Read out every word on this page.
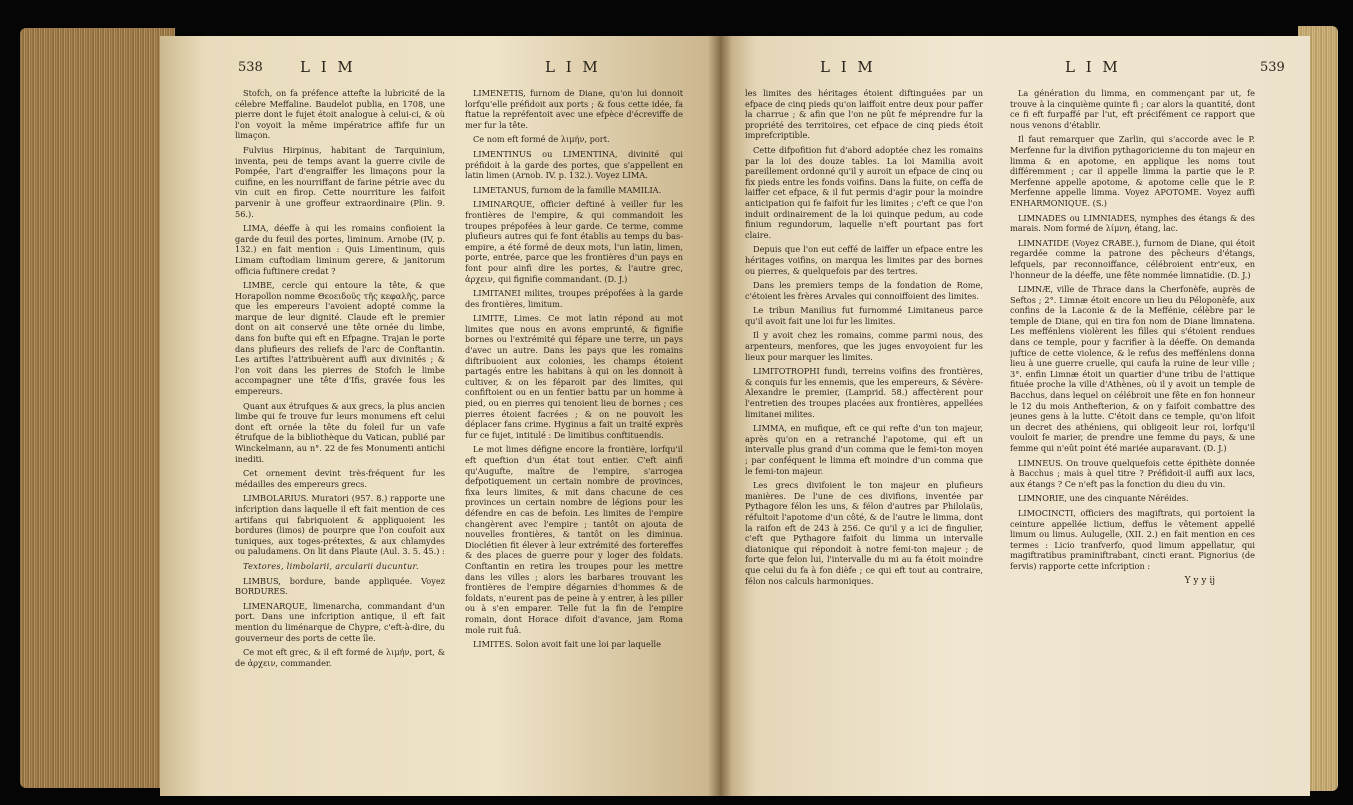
538 L I M	L I M

Stofch, on fa préfence attefte la lubricité de la célebre Meffaline. Baudelot publia, en 1708, une pierre dont le fujet étoit analogue à celui-ci, & où l'on voyoit la même impératrice affife fur un limaçon.

Fulvius Hirpinus, habitant de Tarquinium, inventa, peu de temps avant la guerre civile de Pompée, l'art d'engraiffer les limaçons pour la cuifine, en les nourriffant de farine pétrie avec du vin cuit en firop. Cette nourriture les faifoit parvenir à une groffeur extraordinaire (Plin. 9. 56.).

LIMA, déeffe à qui les romains confioient la garde du feuil des portes, liminum. Arnobe (IV, p. 132.) en fait mention : Quis Limentinum, quis Limam cuftodiam liminum gerere, & janitorum officia fuftinere credat ?

LIMBE, cercle qui entoure la tête, & que Horapollon nomme Θεοειδοῦς τῆς κεφαλῆς, parce que les empereurs l'avoient adopté comme la marque de leur dignité. Claude eft le premier dont on ait conservé une tête ornée du limbe, dans fon bufte qui eft en Efpagne. Trajan le porte dans plufieurs des reliefs de l'arc de Conftantin. Les artiftes l'attribuèrent auffi aux divinités ; & l'on voit dans les pierres de Stofch le limbe accompagner une tête d'Ifis, gravée fous les empereurs.

Quant aux étrufques & aux grecs, la plus ancien limbe qui fe trouve fur leurs monumens eft celui dont eft ornée la tête du foleil fur un vafe étrufque de la bibliothèque du Vatican, publié par Winckelmann, au n°. 22 de fes Monumenti antichi inediti.

Cet ornement devint très-fréquent fur les médailles des empereurs grecs.

LIMBOLARIUS. Muratori (957. 8.) rapporte une infcription dans laquelle il eft fait mention de ces artifans qui fabriquoient & appliquoient les bordures (limos) de pourpre que l'on coufoit aux tuniques, aux toges-prétextes, & aux chlamydes ou paludamens. On lit dans Plaute (Aul. 3. 5. 45.) :

Textores, limbolarii, arcularii ducuntur.

LIMBUS, bordure, bande appliquée. Voyez BORDURES.

LIMENARQUE, limenarcha, commandant d'un port. Dans une infcription antique, il eft fait mention du liménarque de Chypre, c'eft-à-dire, du gouverneur des ports de cette île.

Ce mot eft grec, & il eft formé de λιμήν, port, & de ἀρχειν, commander.

LIMENETIS, furnom de Diane, qu'on lui donnoit lorfqu'elle préfidoit aux ports ; & fous cette idée, fa ftatue la repréfentoit avec une efpèce d'écreviffe de mer fur la tête.

Ce nom eft formé de λιμήν, port.

LIMENTINUS ou LIMENTINA, divinité qui préfidoit à la garde des portes, que s'appellent en latin limen (Arnob. IV. p. 132.). Voyez LIMA.

LIMETANUS, furnom de la famille MAMILIA.

LIMINARQUE, officier deftiné à veiller fur les frontières de l'empire, & qui commandoit les troupes prépofées à leur garde. Ce terme, comme plufieurs autres qui fe font établis au temps du bas-empire, a été formé de deux mots, l'un latin, limen, porte, entrée, parce que les frontières d'un pays en font pour ainfi dire les portes, & l'autre grec, ἀρχειν, qui fignifie commandant. (D. J.)

LIMITANEI milites, troupes prépofées à la garde des frontières, limitum.

LIMITE, Limes. Ce mot latin répond au mot limites que nous en avons emprunté, & fignifie bornes ou l'extrémité qui fépare une terre, un pays d'avec un autre. Dans les pays que les romains diftribuoient aux colonies, les champs étoient partagés entre les habitans à qui on les donnoit à cultiver, & on les féparoit par des limites, qui confiftoient ou en un fentier battu par un homme à pied, ou en pierres qui tenoient lieu de bornes ; ces pierres étoient facrées ; & on ne pouvoit les déplacer fans crime. Hyginus a fait un traité exprès fur ce fujet, intitulé : De limitibus conftituendis.

Le mot limes défigne encore la frontière, lorfqu'il eft queftion d'un état tout entier. C'eft ainfi qu'Augufte, maître de l'empire, s'arrogea defpotiquement un certain nombre de provinces, fixa leurs limites, & mit dans chacune de ces provinces un certain nombre de légions pour les défendre en cas de befoin. Les limites de l'empire changèrent avec l'empire ; tantôt on ajouta de nouvelles frontières, & tantôt on les diminua. Dioclétien fit élever à leur extrémité des fortereffes & des places de guerre pour y loger des foldats. Conftantin en retira les troupes pour les mettre dans les villes ; alors les barbares trouvant les frontières de l'empire dégarnies d'hommes & de foldats, n'eurent pas de peine à y entrer, à les piller ou à s'en emparer. Telle fut la fin de l'empire romain, dont Horace difoit d'avance, jam Roma mole ruit fuâ.

LIMITES. Solon avoit fait une loi par laquelle

L I M	L I M	539

les limites des héritages étoient diftinguées par un efpace de cinq pieds qu'on laiffoit entre deux pour paffer la charrue ; & afin que l'on ne pût fe méprendre fur la propriété des territoires, cet efpace de cinq pieds étoit imprefcriptible.

Cette difpofition fut d'abord adoptée chez les romains par la loi des douze tables. La loi Mamilia avoit pareillement ordonné qu'il y auroit un efpace de cinq ou fix pieds entre les fonds voifins. Dans la fuite, on ceffa de laiffer cet efpace, & il fut permis d'agir pour la moindre anticipation qui fe faifoit fur les limites ; c'eft ce que l'on induit ordinairement de la loi quinque pedum, au code finium regundorum, laquelle n'eft pourtant pas fort claire.

Depuis que l'on eut ceffé de laiffer un efpace entre les héritages voifins, on marqua les limites par des bornes ou pierres, & quelquefois par des tertres.

Dans les premiers temps de la fondation de Rome, c'étoient les frères Arvales qui connoiffoient des limites.

Le tribun Manilius fut furnommé Limitaneus parce qu'il avoit fait une loi fur les limites.

Il y avoit chez les romains, comme parmi nous, des arpenteurs, menfores, que les juges envoyoient fur les lieux pour marquer les limites.

LIMITOTROPHI fundi, terreins voifins des frontières, & conquis fur les ennemis, que les empereurs, & Sévère-Alexandre le premier, (Lamprid. 58.) affectèrent pour l'entretien des troupes placées aux frontières, appellées limitanei milites.

LIMMA, en mufique, eft ce qui refte d'un ton majeur, après qu'on en a retranché l'apotome, qui eft un intervalle plus grand d'un comma que le femi-ton moyen ; par conféquent le limma eft moindre d'un comma que le femi-ton majeur.

Les grecs divifoient le ton majeur en plufieurs manières. De l'une de ces divifions, inventée par Pythagore félon les uns, & félon d'autres par Philolaüs, réfultoit l'apotome d'un côté, & de l'autre le limma, dont la raifon eft de 243 à 256. Ce qu'il y a ici de fingulier, c'eft que Pythagore faifoit du limma un intervalle diatonique qui répondoit à notre femi-ton majeur ; de forte que felon lui, l'intervalle du mi au fa étoit moindre que celui du fa à fon dièfe ; ce qui eft tout au contraire, félon nos calculs harmoniques.

La génération du limma, en commençant par ut, fe trouve à la cinquième quinte fi ; car alors la quantité, dont ce fi eft furpaffé par l'ut, eft précifément ce rapport que nous venons d'établir.

Il faut remarquer que Zarlin, qui s'accorde avec le P. Merfenne fur la divifion pythagoricienne du ton majeur en limma & en apotome, en applique les noms tout différemment ; car il appelle limma la partie que le P. Merfenne appelle apotome, & apotome celle que le P. Merfenne appelle limma. Voyez APOTOME. Voyez auffi ENHARMONIQUE. (S.)

LIMNADES ou LIMNIADES, nymphes des étangs & des marais. Nom formé de λίμνη, étang, lac.

LIMNATIDE (Voyez CRABE.), furnom de Diane, qui étoit regardée comme la patrone des pêcheurs d'étangs, lefquels, par reconnoiffance, célébroient entr'eux, en l'honneur de la déeffe, une fête nommée limnatidie. (D. J.)

LIMNÆ, ville de Thrace dans la Cherfonèfe, auprès de Seftos ; 2°. Limnæ étoit encore un lieu du Péloponèfe, aux confins de la Laconie & de la Meffénie, célèbre par le temple de Diane, qui en tira fon nom de Diane limnatena. Les meffénlens violèrent les filles qui s'étoient rendues dans ce temple, pour y facrifier à la déeffe. On demanda juftice de cette violence, & le refus des meffénlens donna lieu à une guerre cruelle, qui caufa la ruine de leur ville ; 3°. enfin Limnæ étoit un quartier d'une tribu de l'attique fituée proche la ville d'Athènes, où il y avoit un temple de Bacchus, dans lequel on célébroit une fête en fon honneur le 12 du mois Anthefterion, & on y faifoit combattre des jeunes gens à la lutte. C'étoit dans ce temple, qu'on lifoit un decret des athéniens, qui obligeoit leur roi, lorfqu'il vouloit fe marier, de prendre une femme du pays, & une femme qui n'eût point été mariée auparavant. (D. J.)

LIMNEUS. On trouve quelquefois cette épithète donnée à Bacchus ; mais à quel titre ? Préfidoit-il auffi aux lacs, aux étangs ? Ce n'eft pas la fonction du dieu du vin.

LIMNORIE, une des cinquante Néréides.

LIMOCINCTI, officiers des magiftrats, qui portoient la ceinture appellée lictium, deffus le vêtement appellé limum ou limus. Aulugelle, (XII. 2.) en fait mention en ces termes : Licio tranfverfo, quod limum appellatur, qui magiftratibus praminiftrabant, cincti erant. Pignorius (de fervis) rapporte cette infcription :

Y y y ij
